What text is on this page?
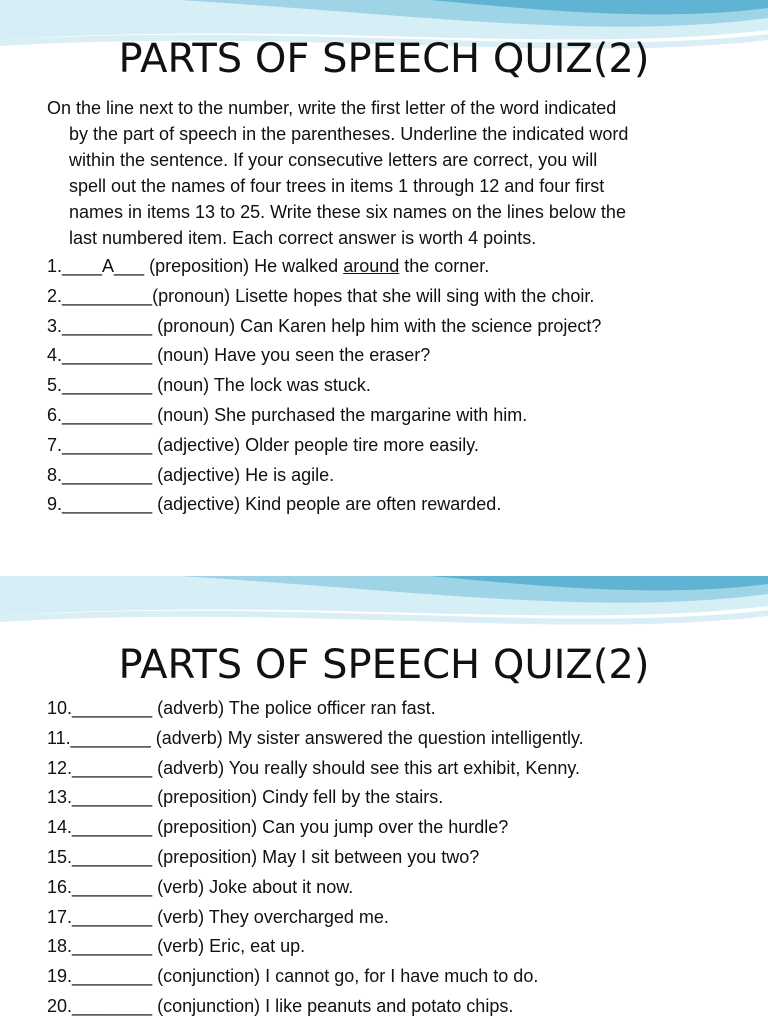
PARTS OF SPEECH QUIZ(2)
On the line next to the number, write the first letter of the word indicated
by the part of speech in the parentheses. Underline the indicated word
within the sentence. If your consecutive letters are correct, you will
spell out the names of four trees in items 1 through 12 and four first
names in items 13 to 25. Write these six names on the lines below the
last numbered item. Each correct answer is worth 4 points.
1.____A___ (preposition) He walked around the corner.
2._________(pronoun) Lisette hopes that she will sing with the choir.
3._________ (pronoun) Can Karen help him with the science project?
4._________ (noun) Have you seen the eraser?
5._________ (noun) The lock was stuck.
6._________ (noun) She purchased the margarine with him.
7._________ (adjective) Older people tire more easily.
8._________ (adjective) He is agile.
9._________ (adjective) Kind people are often rewarded.
PARTS OF SPEECH QUIZ(2)
10.________ (adverb) The police officer ran fast.
11.________ (adverb) My sister answered the question intelligently.
12.________ (adverb) You really should see this art exhibit, Kenny.
13.________ (preposition) Cindy fell by the stairs.
14.________ (preposition) Can you jump over the hurdle?
15.________ (preposition) May I sit between you two?
16.________ (verb) Joke about it now.
17.________ (verb) They overcharged me.
18.________ (verb) Eric, eat up.
19.________ (conjunction) I cannot go, for I have much to do.
20.________ (conjunction) I like peanuts and potato chips.
